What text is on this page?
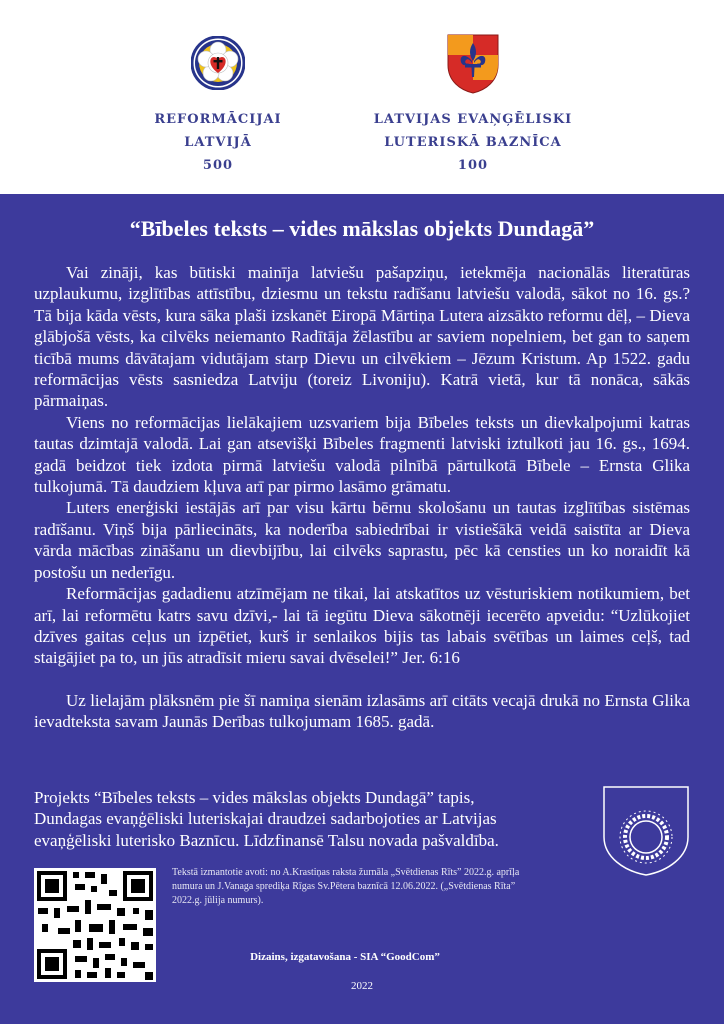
REFORMĀCIJAI
LATVIJĀ
500
LATVIJAS EVAŅĢĒLISKI
LUTERISKĀ BAZNĪCA
100
“Bībeles teksts – vides mākslas objekts Dundagā”

Vai zināji, kas būtiski mainīja latviešu pašapziņu, ietekmēja nacionālās literatūras uzplaukumu, izglītības attīstību, dziesmu un tekstu radīšanu latviešu valodā, sākot no 16. gs.? Tā bija kāda vēsts, kura sāka plaši izskanēt Eiropā Mārtiņa Lutera aizsākto reformu dēļ, – Dieva glābjošā vēsts, ka cilvēks neiemanto Radītāja žēlastību ar saviem nopelniem, bet gan to saņem ticībā mums dāvātajam vidutājam starp Dievu un cilvēkiem – Jēzum Kristum. Ap 1522. gadu reformācijas vēsts sasniedza Latviju (toreiz Livoniju). Katrā vietā, kur tā nonāca, sākās pārmaiņas.

Viens no reformācijas lielākajiem uzsvariem bija Bībeles teksts un dievkalpojumi katras tautas dzimtajā valodā. Lai gan atsevišķi Bībeles fragmenti latviski iztulkoti jau 16. gs., 1694. gadā beidzot tiek izdota pirmā latviešu valodā pilnībā pārtulkotā Bībele – Ernsta Glika tulkojumā. Tā daudziem kļuva arī par pirmo lasāmo grāmatu.

Luters enerģiski iestājās arī par visu kārtu bērnu skološanu un tautas izglītības sistēmas radīšanu. Viņš bija pārliecināts, ka noderība sabiedrībai ir vistiešākā veidā saistīta ar Dieva vārda mācības zināšanu un dievbijību, lai cilvēks saprastu, pēc kā censties un ko noraidīt kā postošu un nederīgu.

Reformācijas gadadienu atzīmējam ne tikai, lai atskatītos uz vēsturiskiem notikumiem, bet arī, lai reformētu katrs savu dzīvi,- lai tā iegūtu Dieva sākotnēji iecerēto apveidu: “Uzlūkojiet dzīves gaitas ceļus un izpētiet, kurš ir senlaikos bijis tas labais svētības un laimes ceļš, tad staigājiet pa to, un jūs atradīsit mieru savai dvēselei!” Jer. 6:16

Uz lielajām plāksnēm pie šī namiņa sienām izlasāms arī citāts vecajā drukā no Ernsta Glika ievadteksta savam Jaunās Derības tulkojumam 1685. gadā.

Projekts “Bībeles teksts – vides mākslas objekts Dundagā” tapis,
Dundagas evaņģēliski luteriskajai draudzei sadarbojoties ar Latvijas
evaņģēliski luterisko Baznīcu. Līdzfinansē Talsu novada pašvaldība.
Tekstā izmantotie avoti: no A.Krastiņas raksta žurnāla „Svētdienas Rīts” 2022.g. aprīļa numura un J.Vanaga sprediķa Rīgas Sv.Pētera baznīcā 12.06.2022. („Svētdienas Rīta” 2022.g. jūlija numurs).
Dizains, izgatavošana - SIA “GoodCom”
2022
